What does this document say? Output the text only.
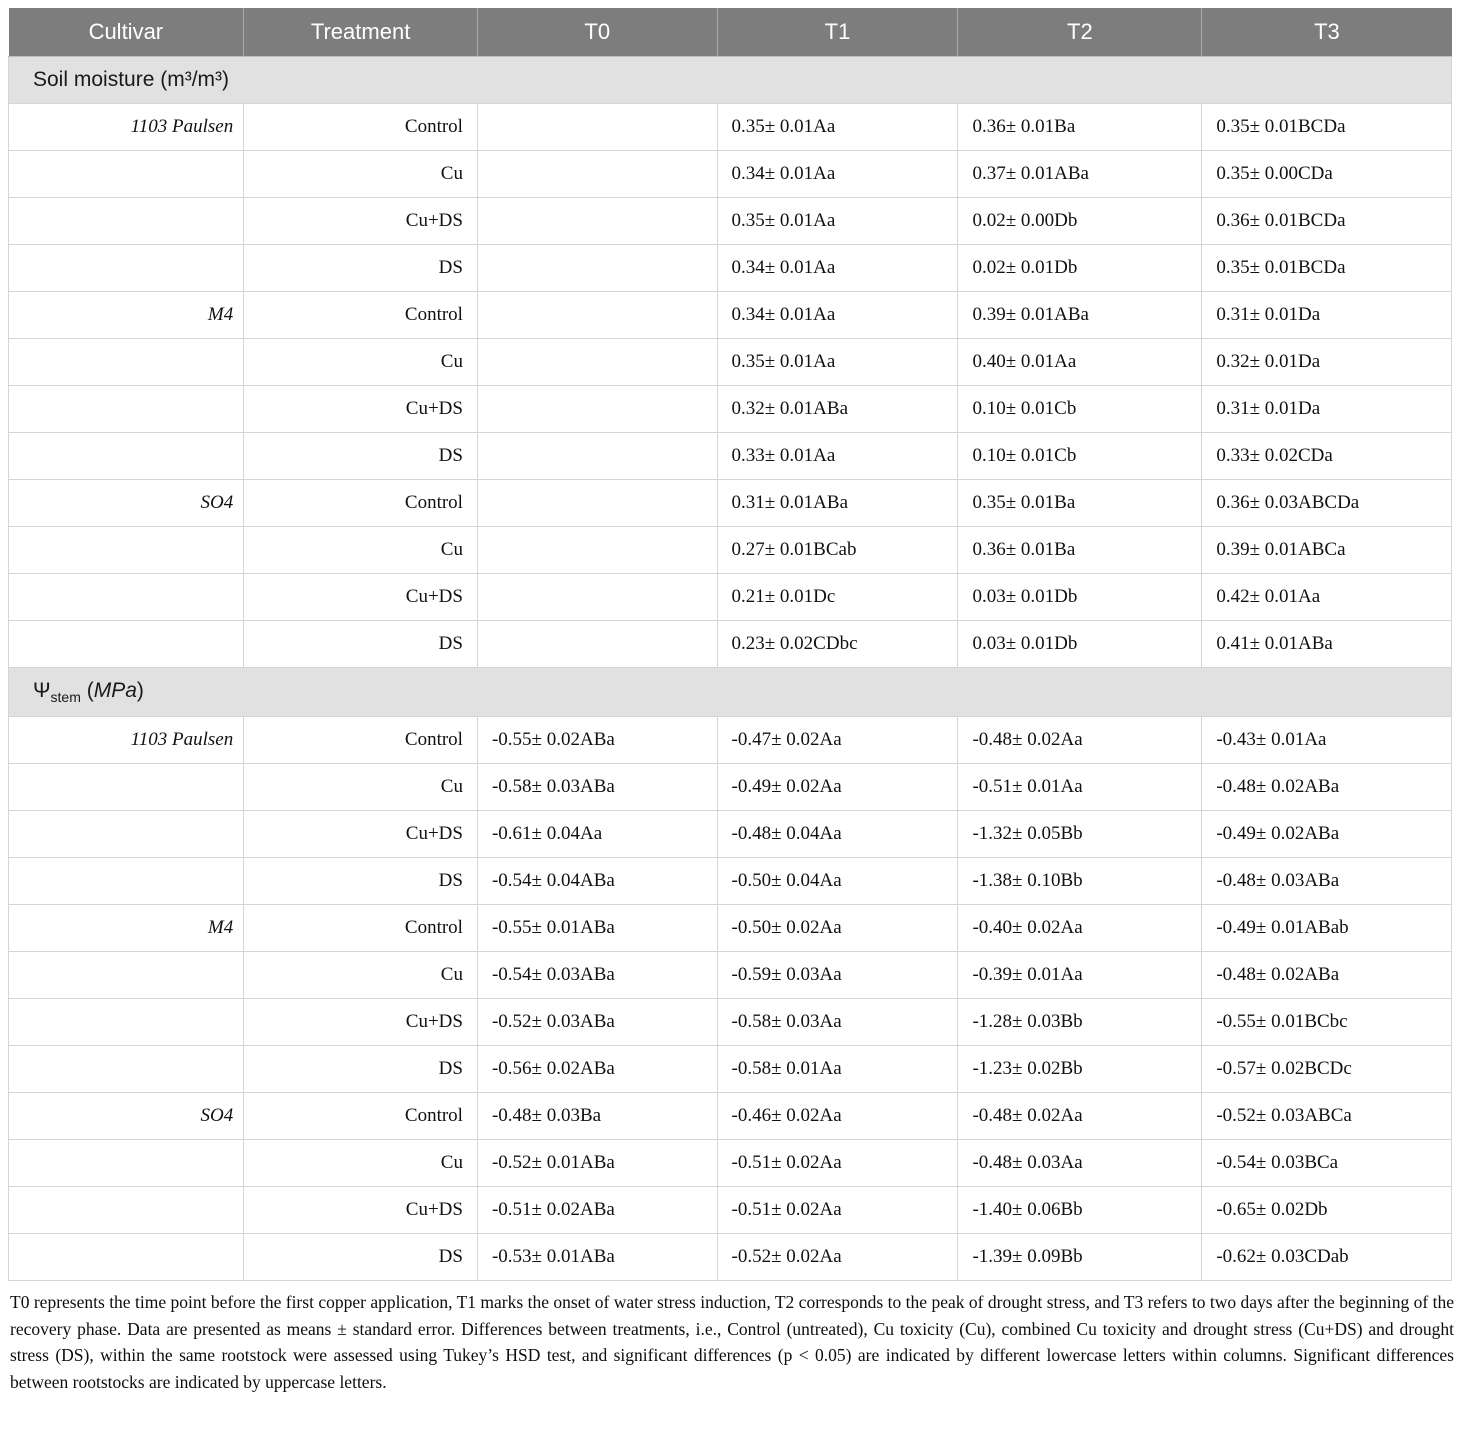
Cultivar	Treatment	T0	T1	T2	T3
Soil moisture (m³/m³)					
1103 Paulsen	Control		0.35± 0.01Aa	0.36± 0.01Ba	0.35± 0.01BCDa
	Cu		0.34± 0.01Aa	0.37± 0.01ABa	0.35± 0.00CDa
	Cu+DS		0.35± 0.01Aa	0.02± 0.00Db	0.36± 0.01BCDa
	DS		0.34± 0.01Aa	0.02± 0.01Db	0.35± 0.01BCDa
M4	Control		0.34± 0.01Aa	0.39± 0.01ABa	0.31± 0.01Da
	Cu		0.35± 0.01Aa	0.40± 0.01Aa	0.32± 0.01Da
	Cu+DS		0.32± 0.01ABa	0.10± 0.01Cb	0.31± 0.01Da
	DS		0.33± 0.01Aa	0.10± 0.01Cb	0.33± 0.02CDa
SO4	Control		0.31± 0.01ABa	0.35± 0.01Ba	0.36± 0.03ABCDa
	Cu		0.27± 0.01BCab	0.36± 0.01Ba	0.39± 0.01ABCa
	Cu+DS		0.21± 0.01Dc	0.03± 0.01Db	0.42± 0.01Aa
	DS		0.23± 0.02CDbc	0.03± 0.01Db	0.41± 0.01ABa
$\Psi_{stem}$ (MPa)					
1103 Paulsen	Control	-0.55± 0.02ABa	-0.47± 0.02Aa	-0.48± 0.02Aa	-0.43± 0.01Aa
	Cu	-0.58± 0.03ABa	-0.49± 0.02Aa	-0.51± 0.01Aa	-0.48± 0.02ABa
	Cu+DS	-0.61± 0.04Aa	-0.48± 0.04Aa	-1.32± 0.05Bb	-0.49± 0.02ABa
	DS	-0.54± 0.04ABa	-0.50± 0.04Aa	-1.38± 0.10Bb	-0.48± 0.03ABa
M4	Control	-0.55± 0.01ABa	-0.50± 0.02Aa	-0.40± 0.02Aa	-0.49± 0.01ABab
	Cu	-0.54± 0.03ABa	-0.59± 0.03Aa	-0.39± 0.01Aa	-0.48± 0.02ABa
	Cu+DS	-0.52± 0.03ABa	-0.58± 0.03Aa	-1.28± 0.03Bb	-0.55± 0.01BCbc
	DS	-0.56± 0.02ABa	-0.58± 0.01Aa	-1.23± 0.02Bb	-0.57± 0.02BCDc
SO4	Control	-0.48± 0.03Ba	-0.46± 0.02Aa	-0.48± 0.02Aa	-0.52± 0.03ABCa
	Cu	-0.52± 0.01ABa	-0.51± 0.02Aa	-0.48± 0.03Aa	-0.54± 0.03BCa
	Cu+DS	-0.51± 0.02ABa	-0.51± 0.02Aa	-1.40± 0.06Bb	-0.65± 0.02Db
	DS	-0.53± 0.01ABa	-0.52± 0.02Aa	-1.39± 0.09Bb	-0.62± 0.03CDab

T0 represents the time point before the first copper application, T1 marks the onset of water stress induction, T2 corresponds to the peak of drought stress, and T3 refers to two days after the beginning of the recovery phase. Data are presented as means ± standard error. Differences between treatments, i.e., Control (untreated), Cu toxicity (Cu), combined Cu toxicity and drought stress (Cu+DS) and drought stress (DS), within the same rootstock were assessed using Tukey’s HSD test, and significant differences (p < 0.05) are indicated by different lowercase letters within columns. Significant differences between rootstocks are indicated by uppercase letters.
